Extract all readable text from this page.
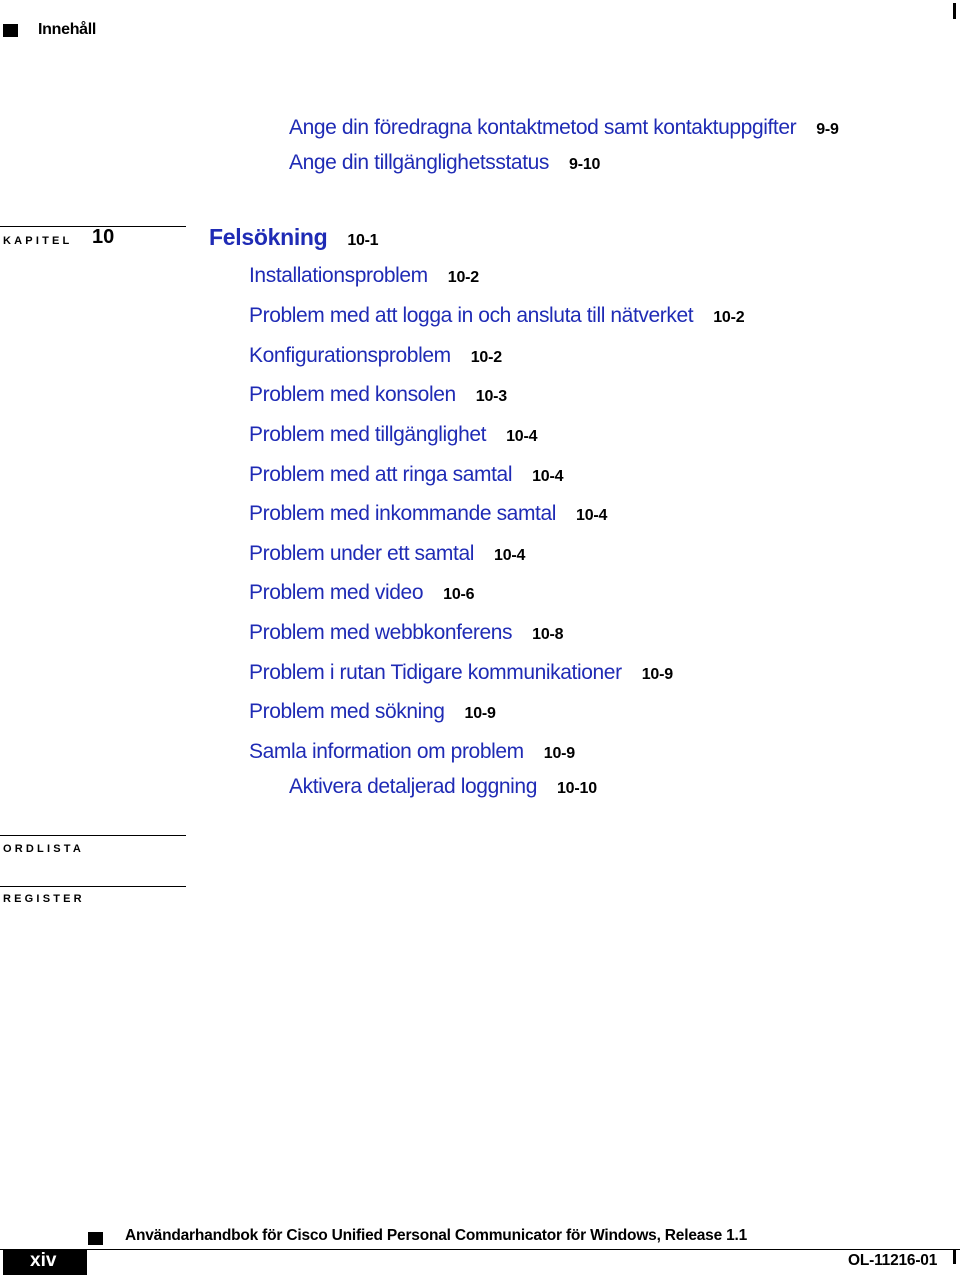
Innehåll
Ange din föredragna kontaktmetod samt kontaktuppgifter 9-9
Ange din tillgänglighetsstatus 9-10
KAPITEL 10	Felsökning 10-1
Installationsproblem 10-2
Problem med att logga in och ansluta till nätverket 10-2
Konfigurationsproblem 10-2
Problem med konsolen 10-3
Problem med tillgänglighet 10-4
Problem med att ringa samtal 10-4
Problem med inkommande samtal 10-4
Problem under ett samtal 10-4
Problem med video 10-6
Problem med webbkonferens 10-8
Problem i rutan Tidigare kommunikationer 10-9
Problem med sökning 10-9
Samla information om problem 10-9
Aktivera detaljerad loggning 10-10
ORDLISTA
REGISTER
Användarhandbok för Cisco Unified Personal Communicator för Windows, Release 1.1
xiv	OL-11216-01
